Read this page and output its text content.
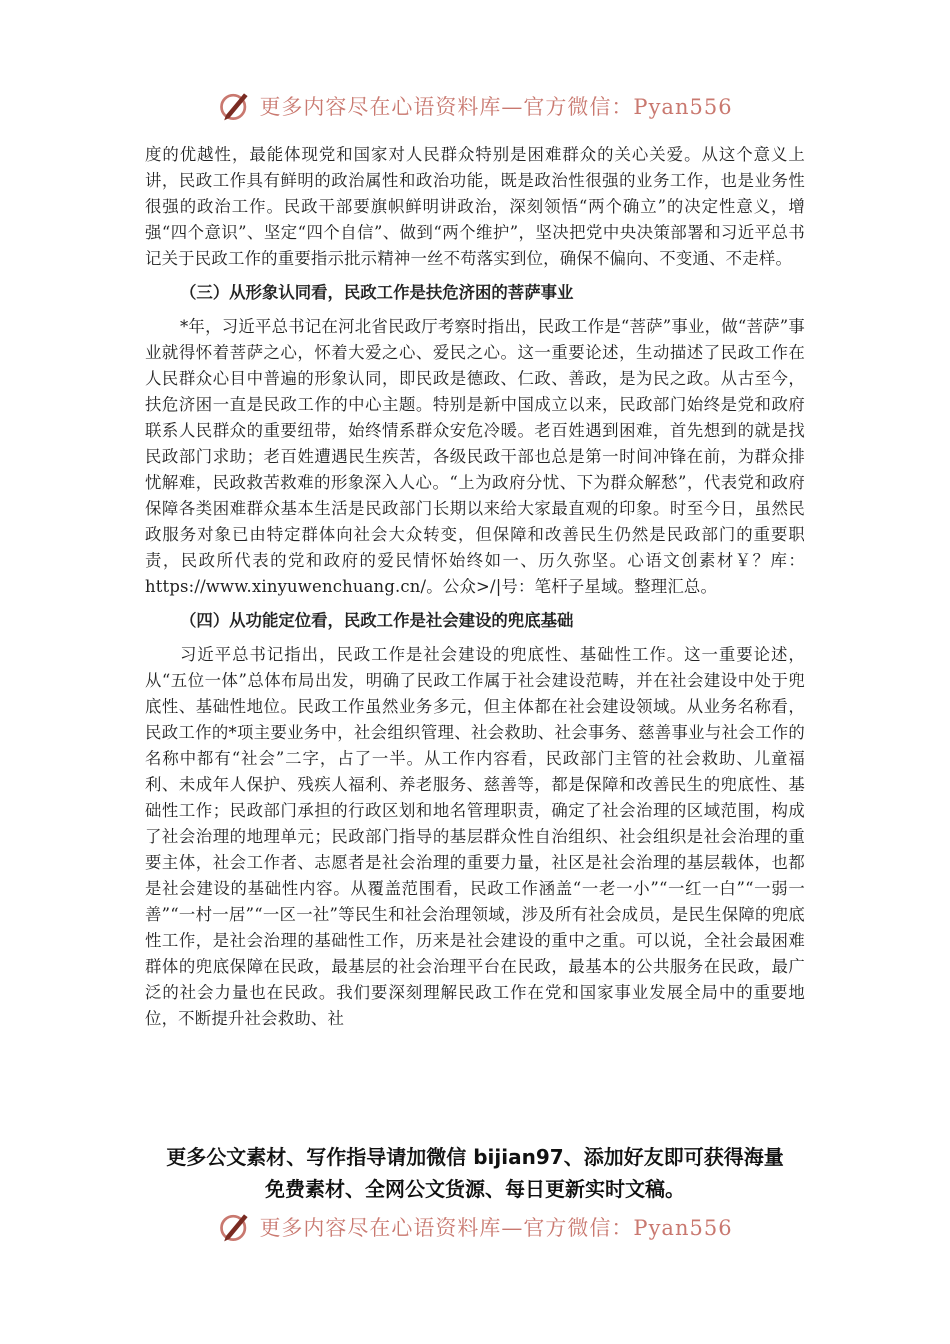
更多内容尽在心语资料库—官方微信：Pyan556

度的优越性，最能体现党和国家对人民群众特别是困难群众的关心关爱。从这个意义上讲，民政工作具有鲜明的政治属性和政治功能，既是政治性很强的业务工作，也是业务性很强的政治工作。民政干部要旗帜鲜明讲政治，深刻领悟“两个确立”的决定性意义，增强“四个意识”、坚定“四个自信”、做到“两个维护”，坚决把党中央决策部署和习近平总书记关于民政工作的重要指示批示精神一丝不苟落实到位，确保不偏向、不变通、不走样。

（三）从形象认同看，民政工作是扶危济困的菩萨事业

*年，习近平总书记在河北省民政厅考察时指出，民政工作是“菩萨”事业，做“菩萨”事业就得怀着菩萨之心，怀着大爱之心、爱民之心。这一重要论述，生动描述了民政工作在人民群众心目中普遍的形象认同，即民政是德政、仁政、善政，是为民之政。从古至今，扶危济困一直是民政工作的中心主题。特别是新中国成立以来，民政部门始终是党和政府联系人民群众的重要纽带，始终情系群众安危冷暖。老百姓遇到困难，首先想到的就是找民政部门求助；老百姓遭遇民生疾苦，各级民政干部也总是第一时间冲锋在前，为群众排忧解难，民政救苦救难的形象深入人心。“上为政府分忧、下为群众解愁”，代表党和政府保障各类困难群众基本生活是民政部门长期以来给大家最直观的印象。时至今日，虽然民政服务对象已由特定群体向社会大众转变，但保障和改善民生仍然是民政部门的重要职责，民政所代表的党和政府的爱民情怀始终如一、历久弥坚。心语文创素材￥？库：https://www.xinyuwenchuang.cn/。公众>/|号：笔杆子星域。整理汇总。

（四）从功能定位看，民政工作是社会建设的兜底基础

习近平总书记指出，民政工作是社会建设的兜底性、基础性工作。这一重要论述，从“五位一体”总体布局出发，明确了民政工作属于社会建设范畴，并在社会建设中处于兜底性、基础性地位。民政工作虽然业务多元，但主体都在社会建设领域。从业务名称看，民政工作的*项主要业务中，社会组织管理、社会救助、社会事务、慈善事业与社会工作的名称中都有“社会”二字，占了一半。从工作内容看，民政部门主管的社会救助、儿童福利、未成年人保护、残疾人福利、养老服务、慈善等，都是保障和改善民生的兜底性、基础性工作；民政部门承担的行政区划和地名管理职责，确定了社会治理的区域范围，构成了社会治理的地理单元；民政部门指导的基层群众性自治组织、社会组织是社会治理的重要主体，社会工作者、志愿者是社会治理的重要力量，社区是社会治理的基层载体，也都是社会建设的基础性内容。从覆盖范围看，民政工作涵盖“一老一小”“一红一白”“一弱一善”“一村一居”“一区一社”等民生和社会治理领域，涉及所有社会成员，是民生保障的兜底性工作，是社会治理的基础性工作，历来是社会建设的重中之重。可以说，全社会最困难群体的兜底保障在民政，最基层的社会治理平台在民政，最基本的公共服务在民政，最广泛的社会力量也在民政。我们要深刻理解民政工作在党和国家事业发展全局中的重要地位，不断提升社会救助、社

更多公文素材、写作指导请加微信 bijian97、添加好友即可获得海量
免费素材、全网公文货源、每日更新实时文稿。
更多内容尽在心语资料库—官方微信：Pyan556
